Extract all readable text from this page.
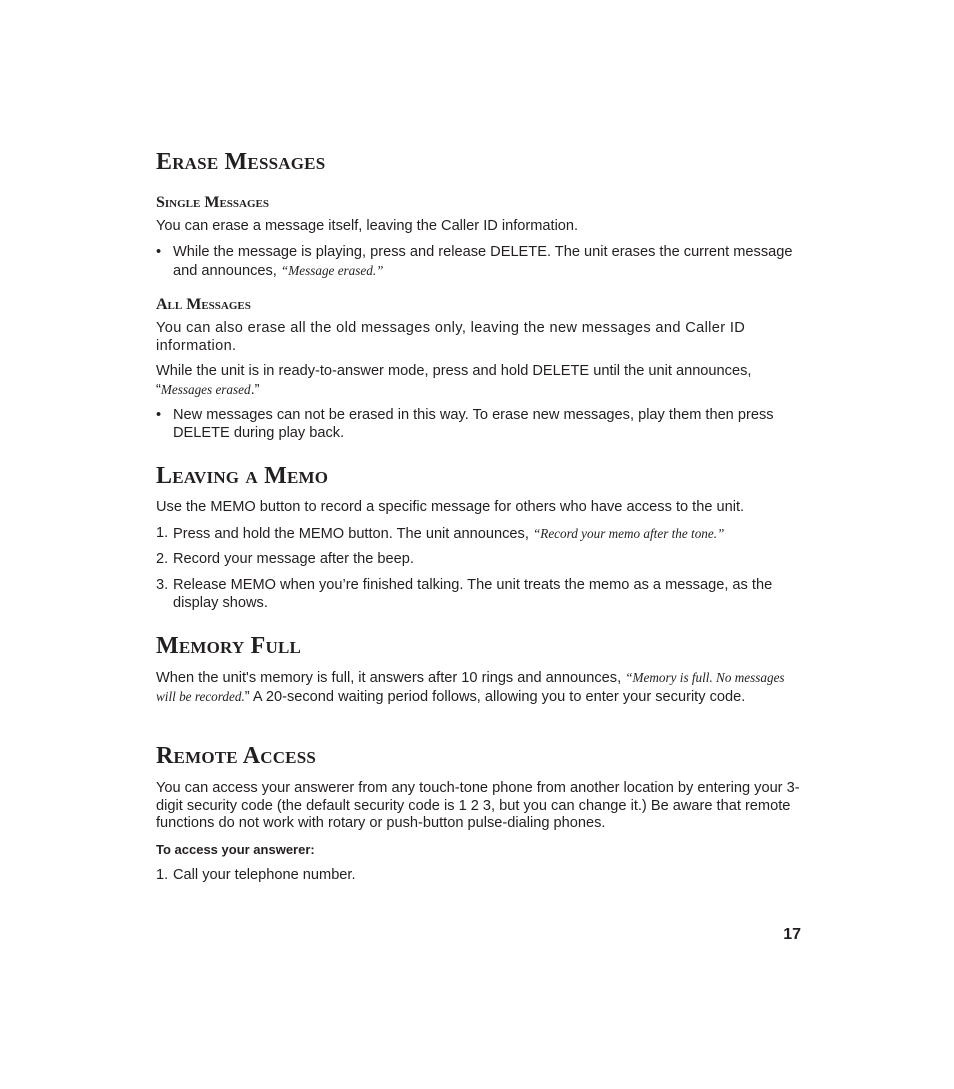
Erase Messages
Single Messages
You can erase a message itself, leaving the Caller ID information.
• While the message is playing, press and release DELETE. The unit erases the current message and announces, “Message erased.”
All Messages
You can also erase all the old messages only, leaving the new messages and Caller ID information.
While the unit is in ready-to-answer mode, press and hold DELETE until the unit announces, “Messages erased.”
• New messages can not be erased in this way. To erase new messages, play them then press DELETE during play back.
Leaving a Memo
Use the MEMO button to record a specific message for others who have access to the unit.
1. Press and hold the MEMO button. The unit announces, “Record your memo after the tone.”
2. Record your message after the beep.
3. Release MEMO when you’re finished talking. The unit treats the memo as a message, as the display shows.
Memory Full
When the unit's memory is full, it answers after 10 rings and announces, “Memory is full. No messages will be recorded.” A 20-second waiting period follows, allowing you to enter your security code.
Remote Access
You can access your answerer from any touch-tone phone from another location by entering your 3-digit security code (the default security code is 1 2 3, but you can change it.) Be aware that remote functions do not work with rotary or push-button pulse-dialing phones.
To access your answerer:
1. Call your telephone number.
17
